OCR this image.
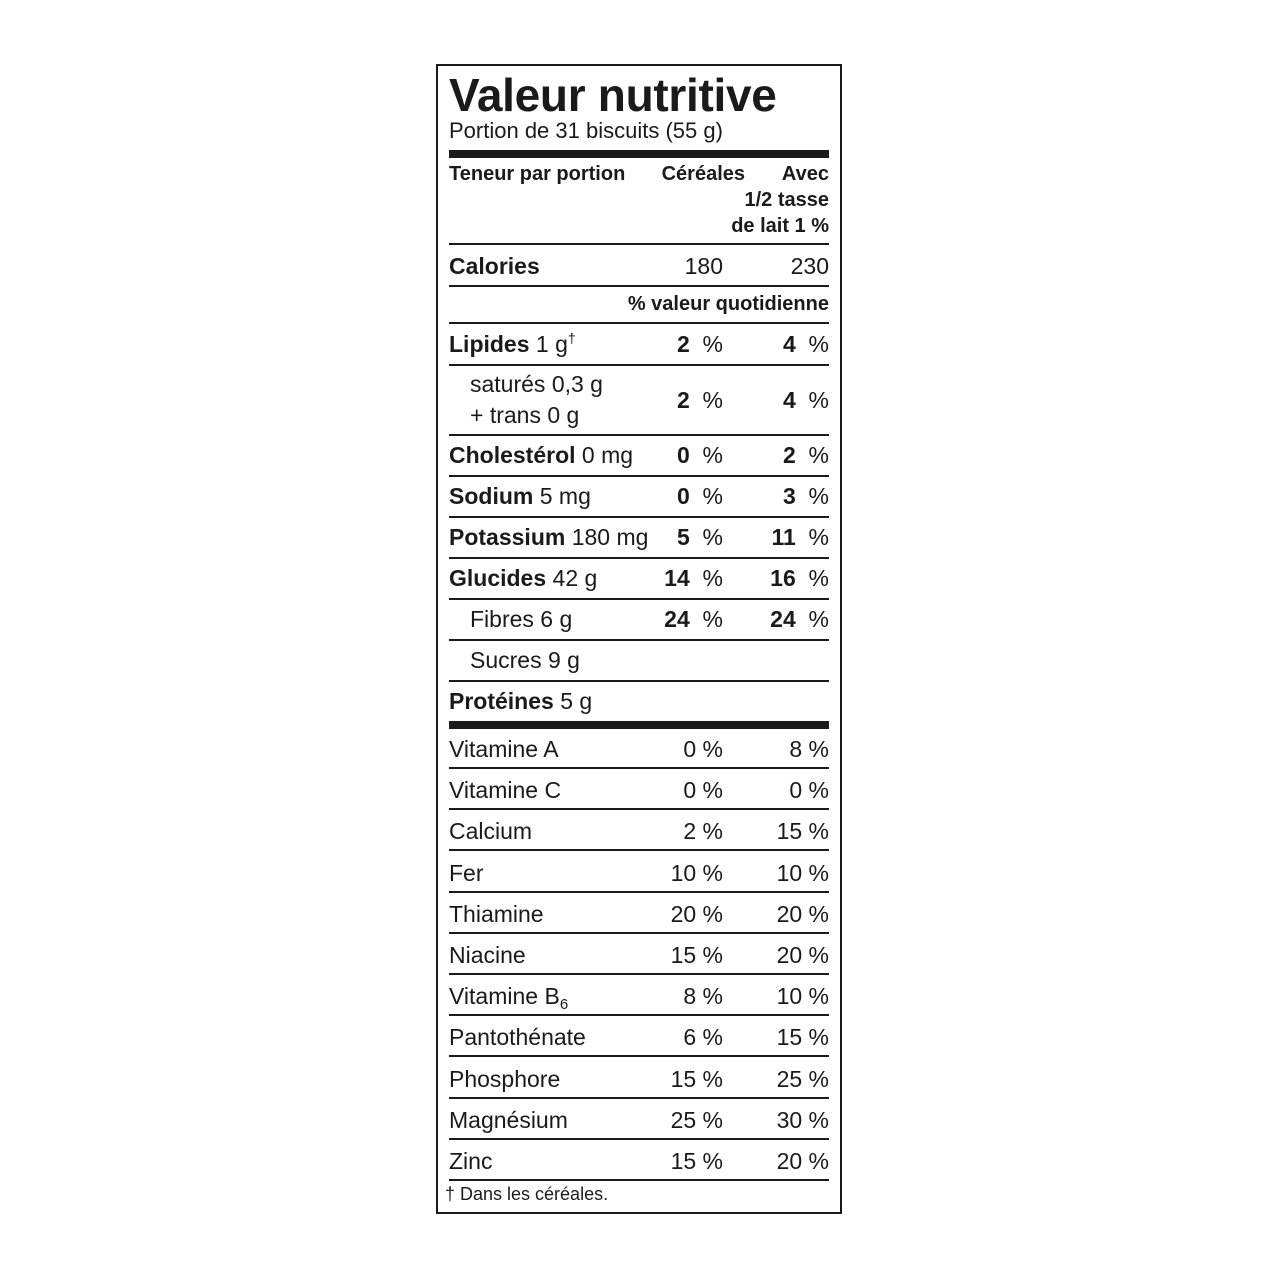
Valeur nutritive
Portion de 31 biscuits (55 g)
Teneur par portion Céréales Avec
1/2 tasse
de lait 1 %
Calories	180	230
% valeur quotidienne
Lipides 1 g†	2 %	4 %
saturés 0,3 g
+ trans 0 g
2 %	4 %
Cholestérol 0 mg 0 %	2 %
Sodium 5 mg	0 %	3 %
Potassium 180 mg 5 % 11 %
Glucides 42 g	14 % 16 %
Fibres 6 g	24 % 24 %
Sucres 9 g
Protéines 5 g
Vitamine A	0 %	8 %
Vitamine C	0 %	0 %
Calcium	2 % 15 %
Fer	10 % 10 %
Thiamine	20 % 20 %
Niacine	15 % 20 %
Vitamine $B_6$	8 % 10 %
Pantothénate	6 % 15 %
Phosphore	15 % 25 %
Magnésium	25 % 30 %
Zinc	15 % 20 %
† Dans les céréales.
